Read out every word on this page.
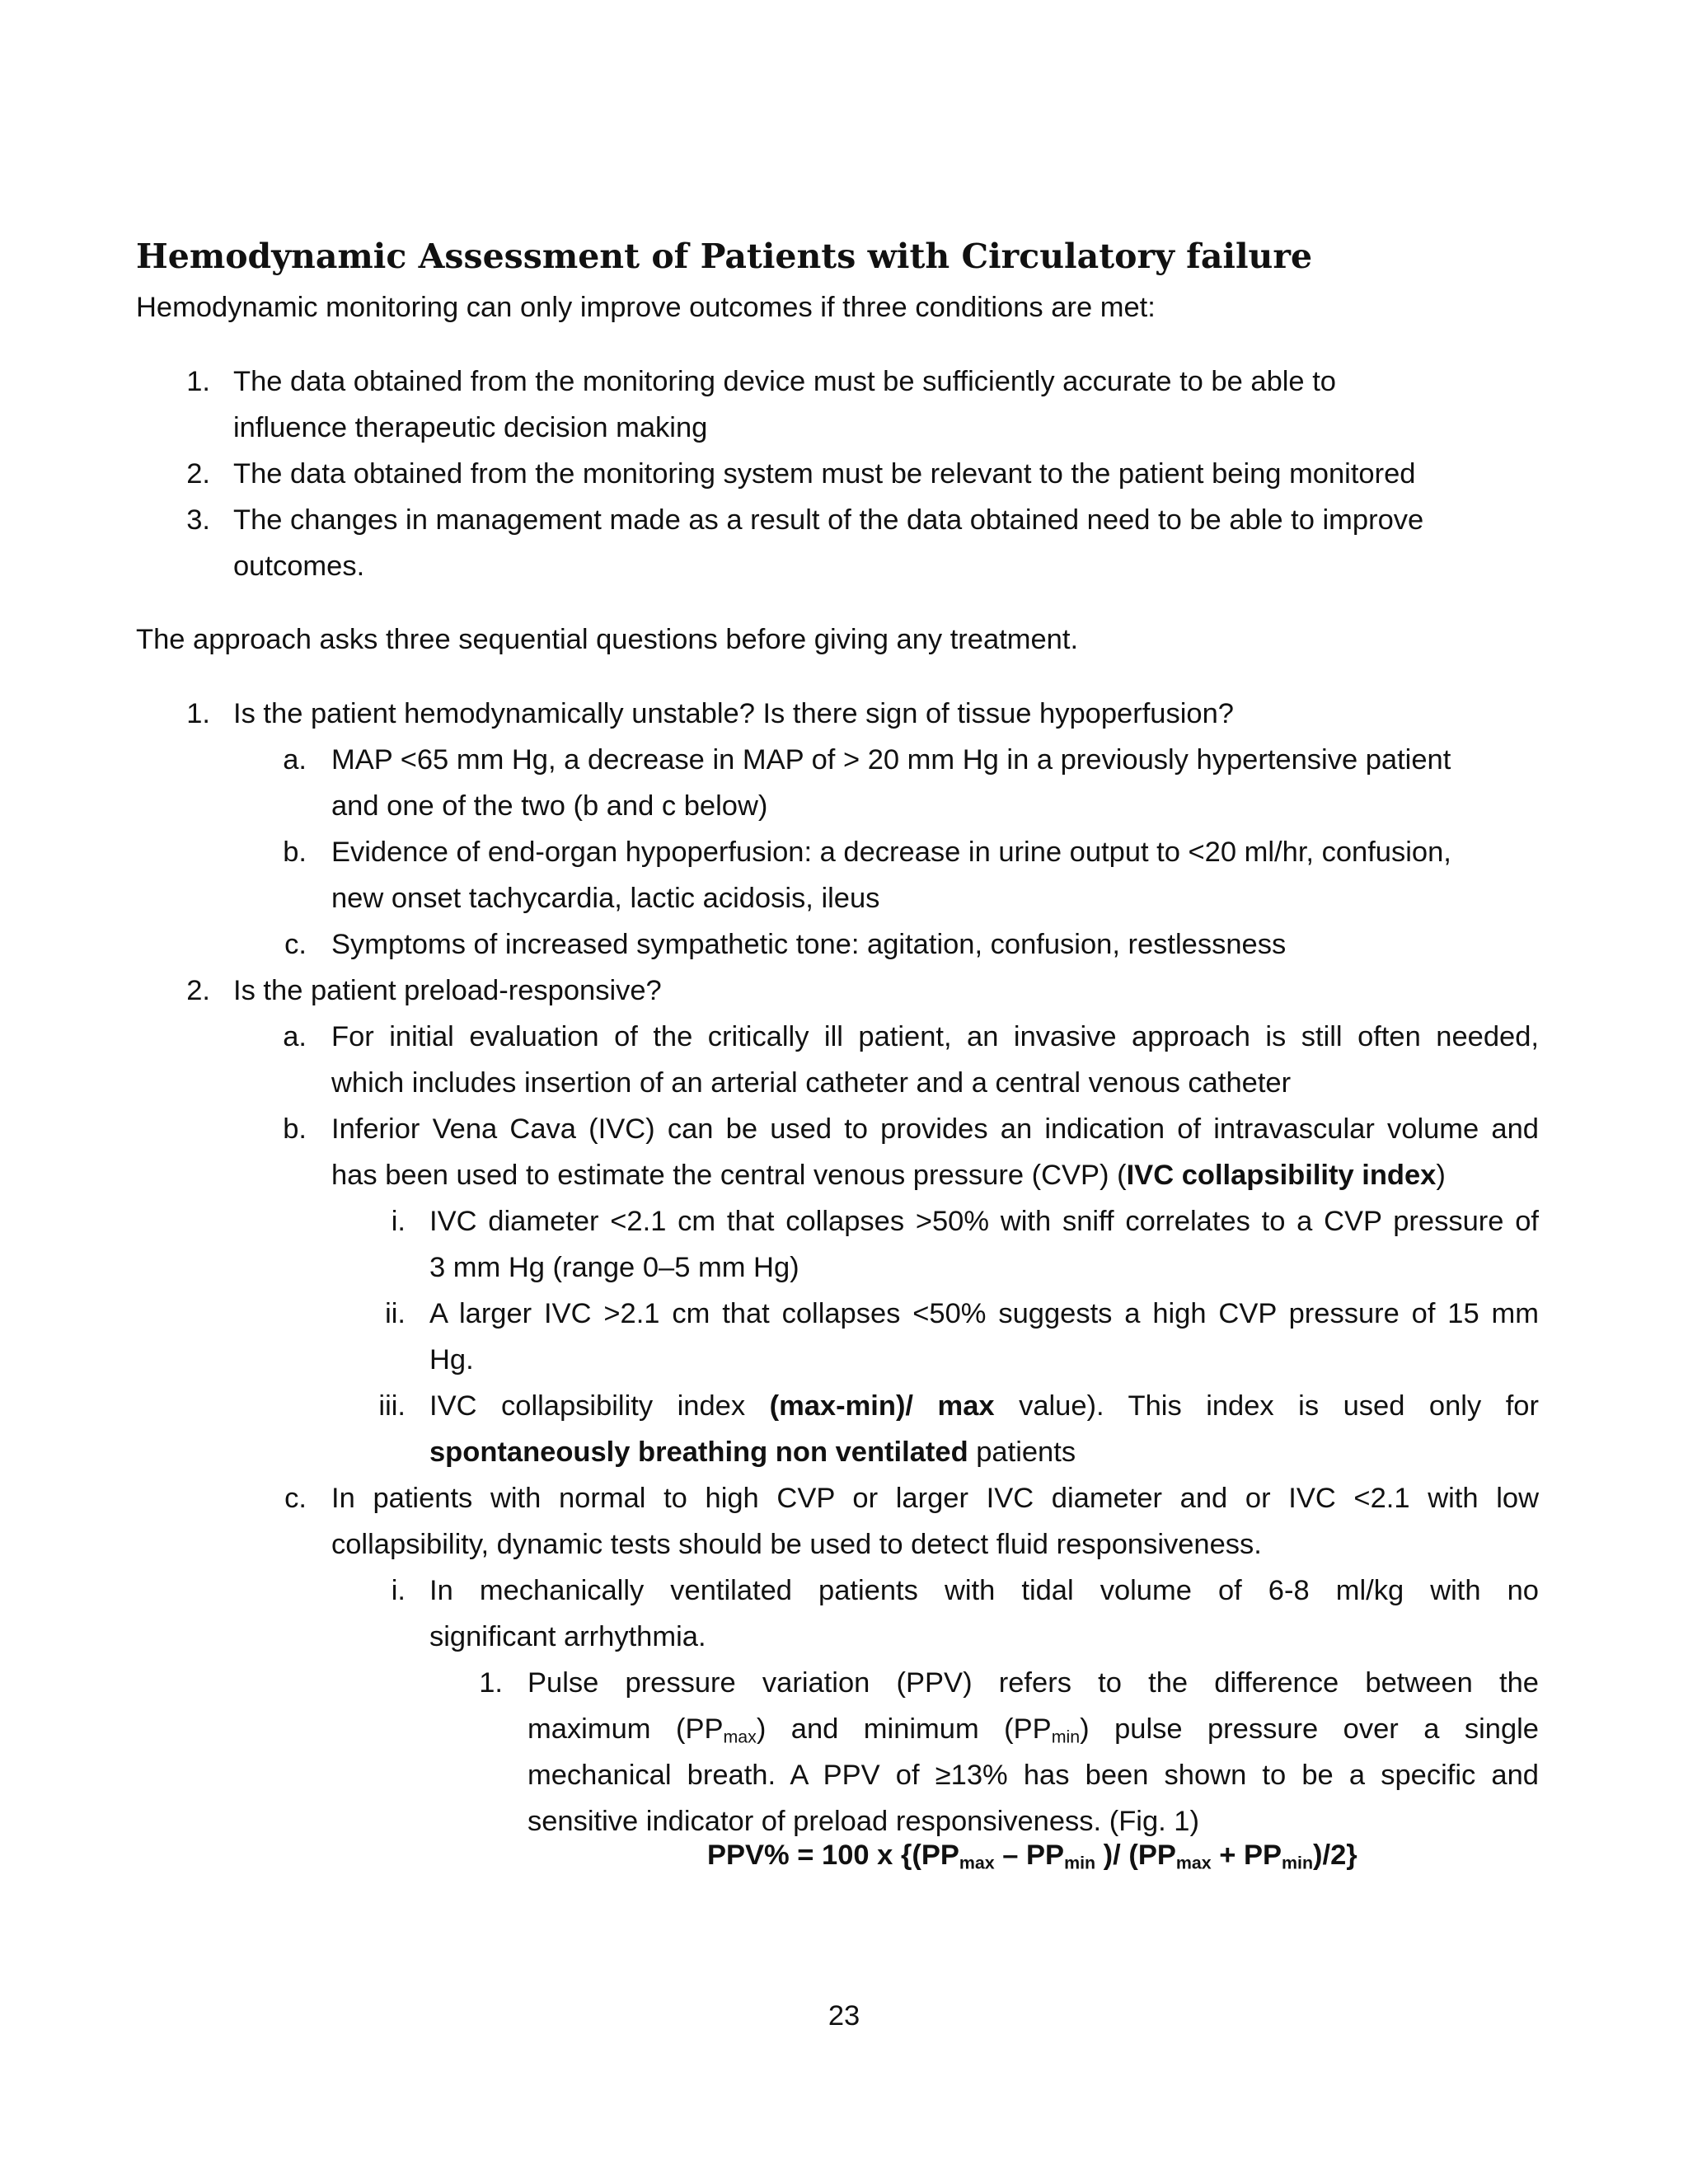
Hemodynamic Assessment of Patients with Circulatory failure
Hemodynamic monitoring can only improve outcomes if three conditions are met:
1. The data obtained from the monitoring device must be sufficiently accurate to be able to
influence therapeutic decision making
2. The data obtained from the monitoring system must be relevant to the patient being monitored
3. The changes in management made as a result of the data obtained need to be able to improve
outcomes.
The approach asks three sequential questions before giving any treatment.
1. Is the patient hemodynamically unstable? Is there sign of tissue hypoperfusion?
a. MAP <65 mm Hg, a decrease in MAP of > 20 mm Hg in a previously hypertensive patient
and one of the two (b and c below)
b. Evidence of end-organ hypoperfusion: a decrease in urine output to <20 ml/hr, confusion,
new onset tachycardia, lactic acidosis, ileus
c. Symptoms of increased sympathetic tone: agitation, confusion, restlessness
2. Is the patient preload-responsive?
a. For initial evaluation of the critically ill patient, an invasive approach is still often needed,
which includes insertion of an arterial catheter and a central venous catheter
b. Inferior Vena Cava (IVC) can be used to provides an indication of intravascular volume and
has been used to estimate the central venous pressure (CVP) (IVC collapsibility index)
i. IVC diameter <2.1 cm that collapses >50% with sniff correlates to a CVP pressure of
3 mm Hg (range 0–5 mm Hg)
ii. A larger IVC >2.1 cm that collapses <50% suggests a high CVP pressure of 15 mm
Hg.
iii. IVC collapsibility index (max-min)/ max value). This index is used only for
spontaneously breathing non ventilated patients
c. In patients with normal to high CVP or larger IVC diameter and or IVC <2.1 with low
collapsibility, dynamic tests should be used to detect fluid responsiveness.
i. In mechanically ventilated patients with tidal volume of 6-8 ml/kg with no
significant arrhythmia.
1. Pulse pressure variation (PPV) refers to the difference between the
maximum $(PP_{max})$ and minimum $(PP_{min})$ pulse pressure over a single
mechanical breath. A PPV of ≥13% has been shown to be a specific and
sensitive indicator of preload responsiveness. (Fig. 1)
PPV% = 100 x {($PP_{max} - PP_{min}$ )/ $(PP_{max} + PP_{min})/2$}
23
